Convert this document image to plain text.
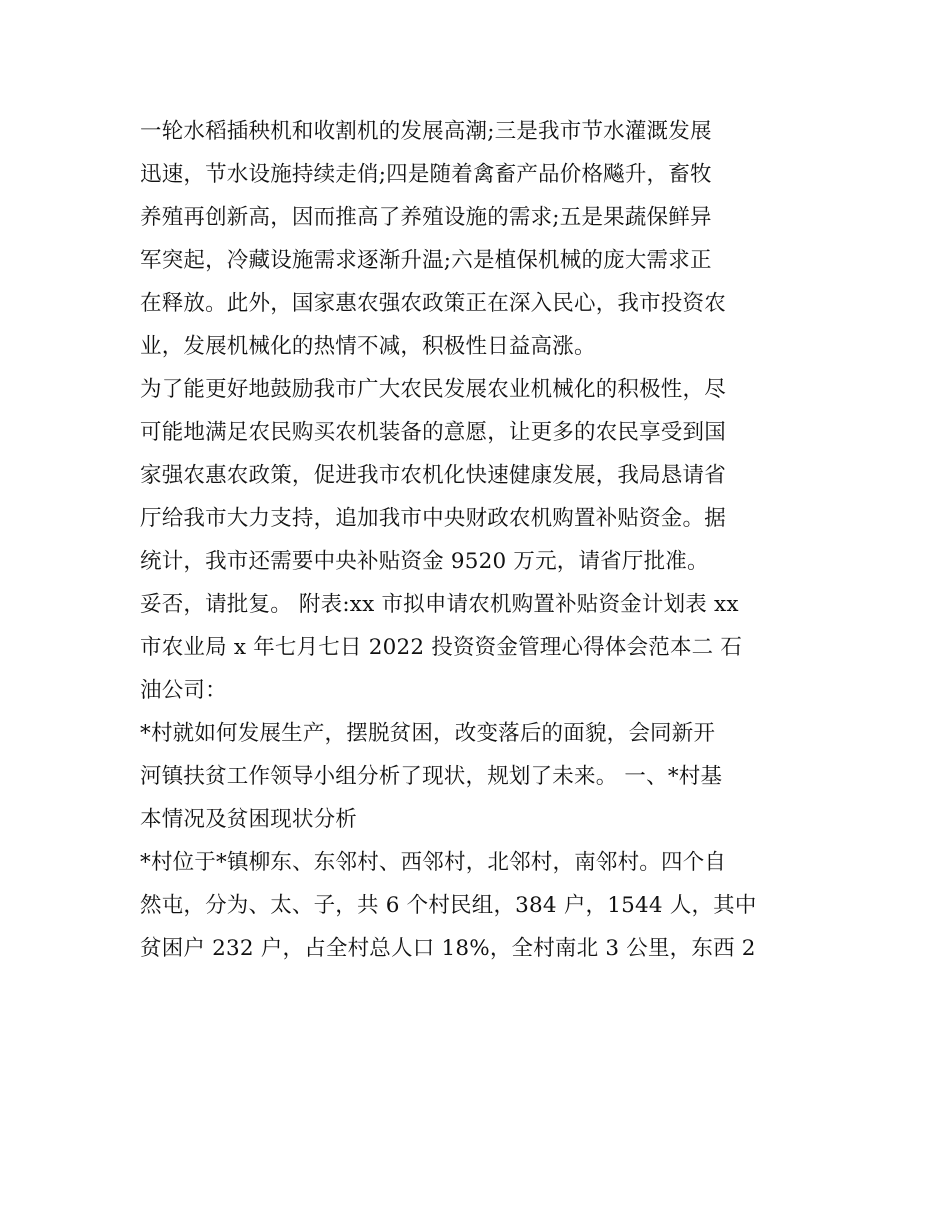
一轮水稻插秧机和收割机的发展高潮;三是我市节水灌溉发展
迅速，节水设施持续走俏;四是随着禽畜产品价格飚升，畜牧
养殖再创新高，因而推高了养殖设施的需求;五是果蔬保鲜异
军突起，冷藏设施需求逐渐升温;六是植保机械的庞大需求正
在释放。此外，国家惠农强农政策正在深入民心，我市投资农
业，发展机械化的热情不减，积极性日益高涨。
为了能更好地鼓励我市广大农民发展农业机械化的积极性，尽
可能地满足农民购买农机装备的意愿，让更多的农民享受到国
家强农惠农政策，促进我市农机化快速健康发展，我局恳请省
厅给我市大力支持，追加我市中央财政农机购置补贴资金。据
统计，我市还需要中央补贴资金 9520 万元，请省厅批准。
妥否，请批复。 附表:xx 市拟申请农机购置补贴资金计划表 xx
市农业局 x 年七月七日 2022 投资资金管理心得体会范本二 石
油公司：
*村就如何发展生产，摆脱贫困，改变落后的面貌，会同新开
河镇扶贫工作领导小组分析了现状，规划了未来。 一、*村基
本情况及贫困现状分析
*村位于*镇柳东、东邻村、西邻村，北邻村，南邻村。四个自
然屯，分为、太、子，共 6 个村民组，384 户，1544 人，其中
贫困户 232 户，占全村总人口 18%，全村南北 3 公里，东西 2
